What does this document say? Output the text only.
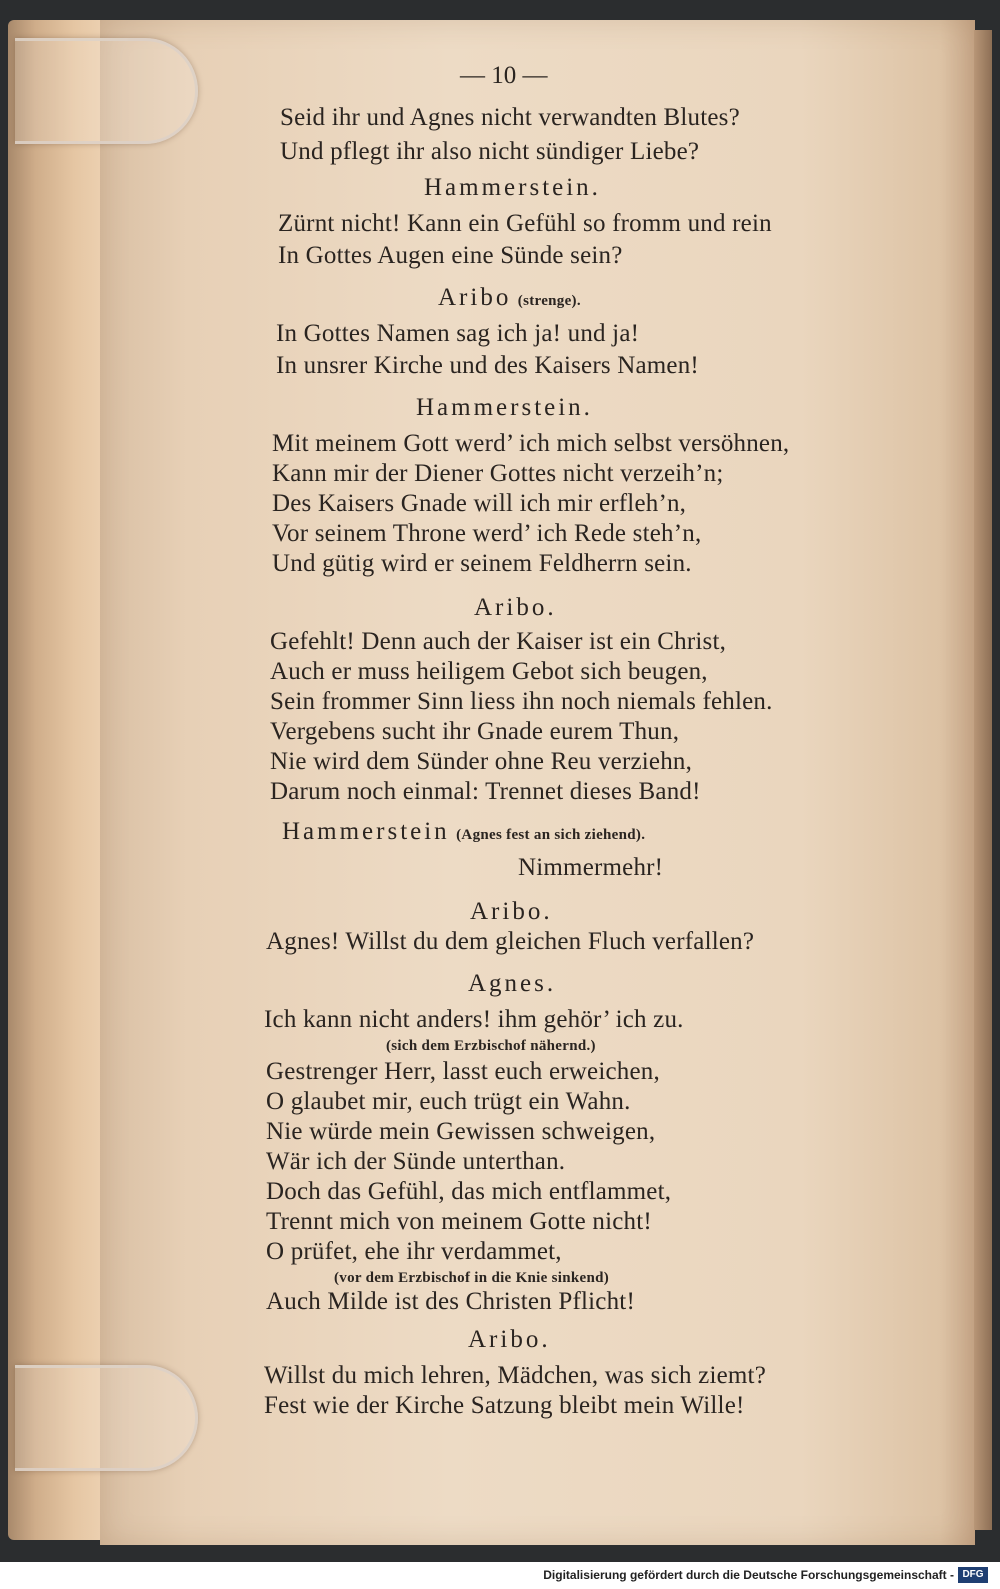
— 10 —
Seid ihr und Agnes nicht verwandten Blutes?
Und pflegt ihr also nicht sündiger Liebe?
Hammerstein.
Zürnt nicht! Kann ein Gefühl so fromm und rein
In Gottes Augen eine Sünde sein?
Aribo (strenge).
In Gottes Namen sag ich ja! und ja!
In unsrer Kirche und des Kaisers Namen!
Hammerstein.
Mit meinem Gott werd’ ich mich selbst versöhnen,
Kann mir der Diener Gottes nicht verzeih’n;
Des Kaisers Gnade will ich mir erfleh’n,
Vor seinem Throne werd’ ich Rede steh’n,
Und gütig wird er seinem Feldherrn sein.
Aribo.
Gefehlt! Denn auch der Kaiser ist ein Christ,
Auch er muss heiligem Gebot sich beugen,
Sein frommer Sinn liess ihn noch niemals fehlen.
Vergebens sucht ihr Gnade eurem Thun,
Nie wird dem Sünder ohne Reu verziehn,
Darum noch einmal: Trennet dieses Band!
Hammerstein (Agnes fest an sich ziehend).
Nimmermehr!
Aribo.
Agnes! Willst du dem gleichen Fluch verfallen?
Agnes.
Ich kann nicht anders! ihm gehör’ ich zu.
(sich dem Erzbischof nähernd.)
Gestrenger Herr, lasst euch erweichen,
O glaubet mir, euch trügt ein Wahn.
Nie würde mein Gewissen schweigen,
Wär ich der Sünde unterthan.
Doch das Gefühl, das mich entflammet,
Trennt mich von meinem Gotte nicht!
O prüfet, ehe ihr verdammet,
(vor dem Erzbischof in die Knie sinkend)
Auch Milde ist des Christen Pflicht!
Aribo.
Willst du mich lehren, Mädchen, was sich ziemt?
Fest wie der Kirche Satzung bleibt mein Wille!
Digitalisierung gefördert durch die Deutsche Forschungsgemeinschaft - DFG
